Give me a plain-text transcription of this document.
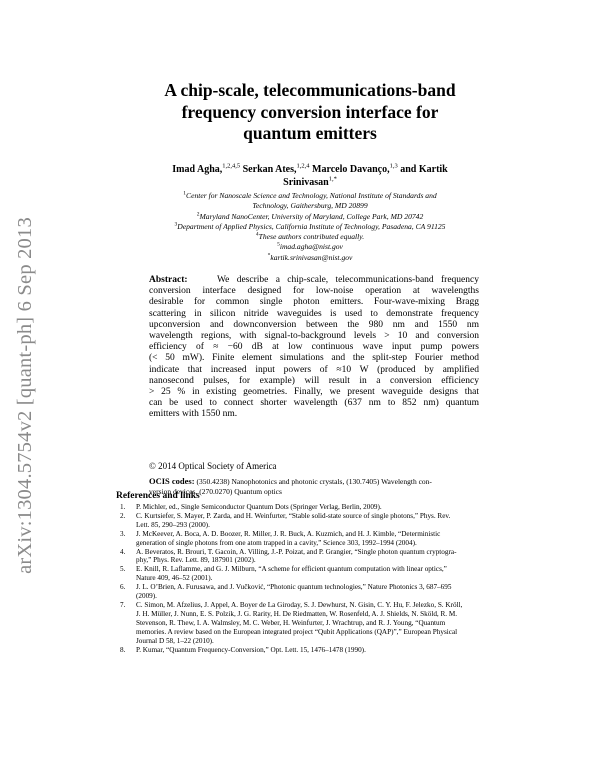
arXiv:1304.5754v2 [quant-ph] 6 Sep 2013
A chip-scale, telecommunications-band
frequency conversion interface for
quantum emitters
Imad Agha,$^{1,2,4,5}$ Serkan Ates,$^{1,2,4}$ Marcelo Davanço,$^{1,3}$ and Kartik
Srinivasan$^{1,*}$
$^1$Center for Nanoscale Science and Technology, National Institute of Standards and
Technology, Gaithersburg, MD 20899
$^2$Maryland NanoCenter, University of Maryland, College Park, MD 20742
$^3$Department of Applied Physics, California Institute of Technology, Pasadena, CA 91125
$^4$These authors contributed equally.
$^5$imad.agha@nist.gov
*kartik.srinivasan@nist.gov
Abstract:	We describe a chip-scale, telecommunications-band frequency
conversion interface designed for low-noise operation at wavelengths
desirable for common single photon emitters. Four-wave-mixing Bragg
scattering in silicon nitride waveguides is used to demonstrate frequency
upconversion and downconversion between the 980 nm and 1550 nm
wavelength regions, with signal-to-background levels > 10 and conversion
efficiency of ≈ −60 dB at low continuous wave input pump powers
(< 50 mW). Finite element simulations and the split-step Fourier method
indicate that increased input powers of ≈10 W (produced by amplified
nanosecond pulses, for example) will result in a conversion efficiency
> 25 % in existing geometries. Finally, we present waveguide designs that
can be used to connect shorter wavelength (637 nm to 852 nm) quantum
emitters with 1550 nm.
© 2014 Optical Society of America
OCIS codes: (350.4238) Nanophotonics and photonic crystals, (130.7405) Wavelength con-
version devices, (270.0270) Quantum optics
References and links
1. P. Michler, ed., Single Semiconductor Quantum Dots (Springer Verlag, Berlin, 2009).
2. C. Kurtsiefer, S. Mayer, P. Zarda, and H. Weinfurter, “Stable solid-state source of single photons,” Phys. Rev.
Lett. 85, 290–293 (2000).
3. J. McKeever, A. Boca, A. D. Boozer, R. Miller, J. R. Buck, A. Kuzmich, and H. J. Kimble, “Deterministic
generation of single photons from one atom trapped in a cavity,” Science 303, 1992–1994 (2004).
4. A. Beveratos, R. Brouri, T. Gacoin, A. Villing, J.-P. Poizat, and P. Grangier, “Single photon quantum cryptogra-
phy,” Phys. Rev. Lett. 89, 187901 (2002).
5. E. Knill, R. Laflamme, and G. J. Milburn, “A scheme for efficient quantum computation with linear optics,”
Nature 409, 46–52 (2001).
6. J. L. O’Brien, A. Furusawa, and J. Vučković, “Photonic quantum technologies,” Nature Photonics 3, 687–695
(2009).
7. C. Simon, M. Afzelius, J. Appel, A. Boyer de La Giroday, S. J. Dewhurst, N. Gisin, C. Y. Hu, F. Jelezko, S. Kröll,
J. H. Müller, J. Nunn, E. S. Polzik, J. G. Rarity, H. De Riedmatten, W. Rosenfeld, A. J. Shields, N. Sköld, R. M.
Stevenson, R. Thew, I. A. Walmsley, M. C. Weber, H. Weinfurter, J. Wrachtrup, and R. J. Young, “Quantum
memories. A review based on the European integrated project “Qubit Applications (QAP)”,” European Physical
Journal D 58, 1–22 (2010).
8. P. Kumar, “Quantum Frequency-Conversion,” Opt. Lett. 15, 1476–1478 (1990).
